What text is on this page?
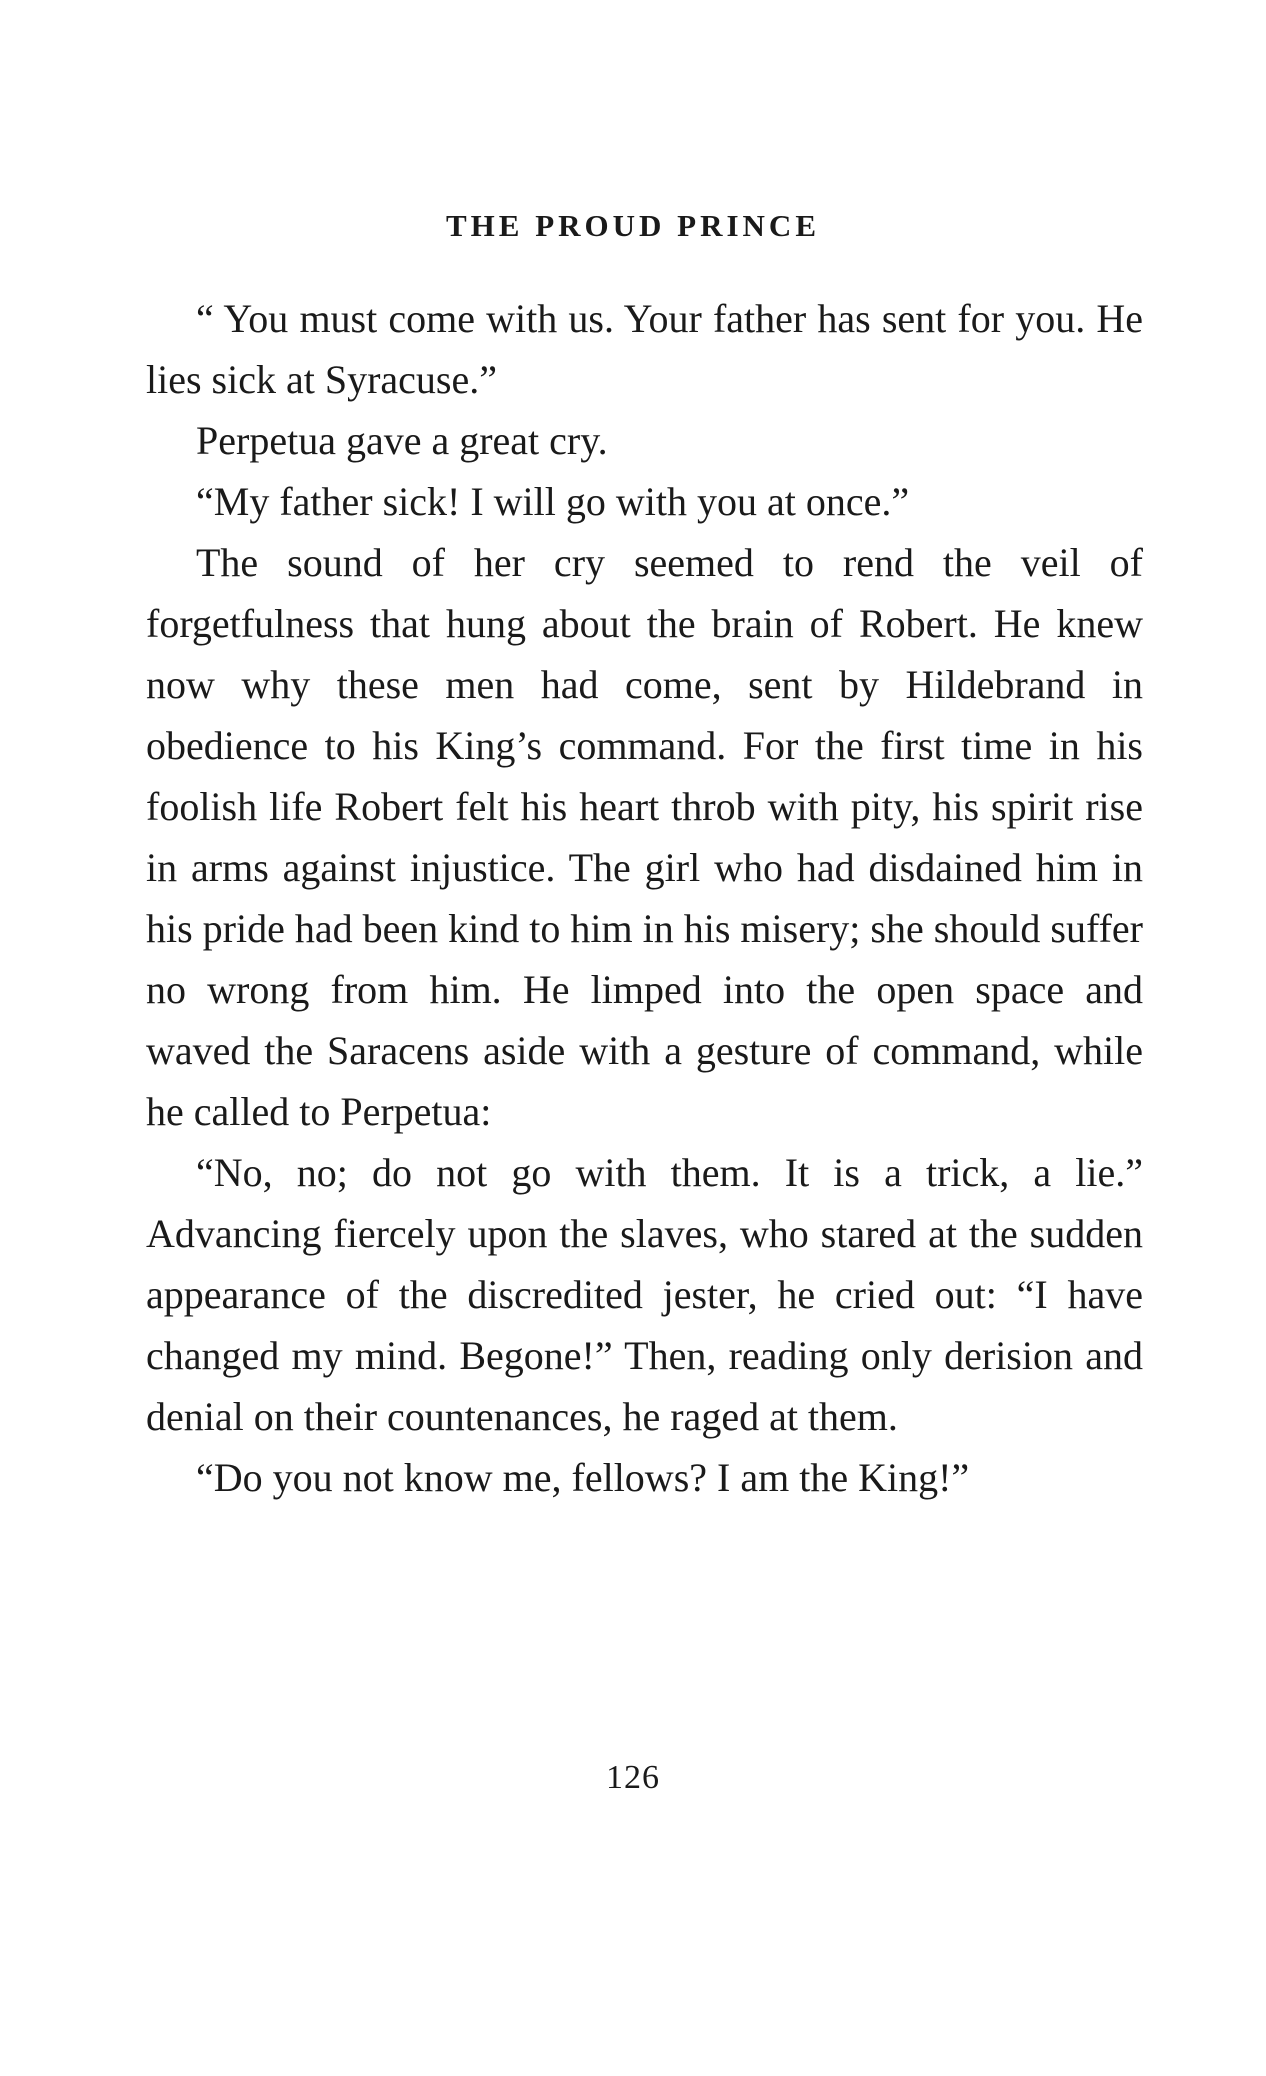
THE PROUD PRINCE

“ You must come with us. Your father has sent for you. He lies sick at Syracuse.”

Perpetua gave a great cry.

“My father sick! I will go with you at once.”

The sound of her cry seemed to rend the veil of forgetfulness that hung about the brain of Robert. He knew now why these men had come, sent by Hildebrand in obedience to his King’s command. For the first time in his foolish life Robert felt his heart throb with pity, his spirit rise in arms against injustice. The girl who had disdained him in his pride had been kind to him in his misery; she should suffer no wrong from him. He limped into the open space and waved the Saracens aside with a gesture of command, while he called to Perpetua:

“No, no; do not go with them. It is a trick, a lie.” Advancing fiercely upon the slaves, who stared at the sudden appearance of the discredited jester, he cried out: “I have changed my mind. Begone!” Then, reading only derision and denial on their countenances, he raged at them.

“Do you not know me, fellows? I am the King!”

126
